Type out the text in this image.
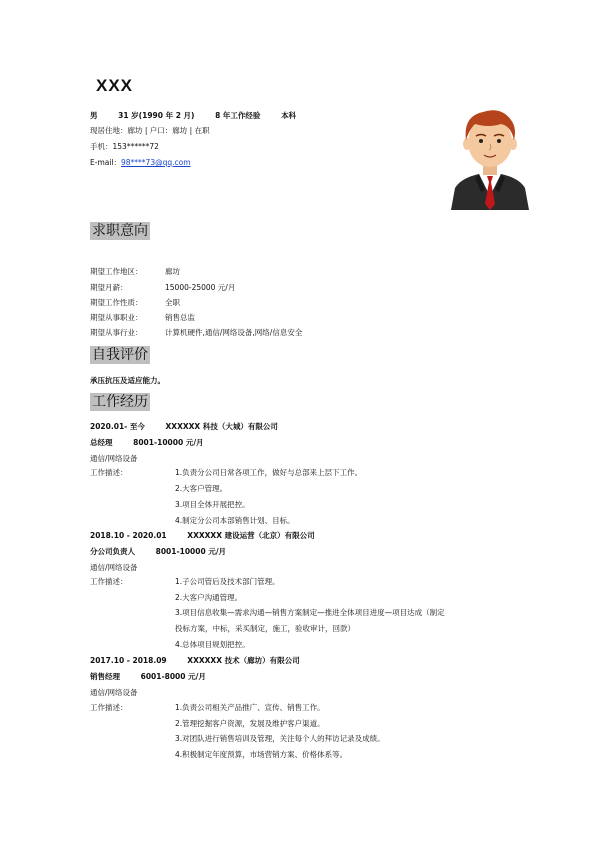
XXX
男	31 岁(1990 年 2 月)	8 年工作经验	本科
现居住地：廊坊 | 户口：廊坊 | 在职
手机：153******72
E-mail：98****73@qq.com
求职意向
期望工作地区：	廊坊
期望月薪：	15000-25000 元/月
期望工作性质：	全职
期望从事职业：	销售总监
期望从事行业：	计算机硬件,通信/网络设备,网络/信息安全
自我评价
承压抗压及适应能力。
工作经历
2020.01- 至今	XXXXXX 科技（大城）有限公司
总经理	8001-10000 元/月
通信/网络设备
工作描述：	1.负责分公司日常各项工作，做好与总部来上层下工作。
2.大客户管理。
3.项目全体开展把控。
4.制定分公司本部销售计划、目标。
2018.10 - 2020.01	XXXXXX 建设运营（北京）有限公司
分公司负责人	8001-10000 元/月
通信/网络设备
工作描述：	1.子公司管后及技术部门管理。
2.大客户沟通管理。
3.项目信息收集—需求沟通—销售方案制定—推进全体项目进度—项目达成（制定
投标方案，中标，采买制定，施工，验收审计，回款）
4.总体项目规划把控。
2017.10 - 2018.09	XXXXXX 技术（廊坊）有限公司
销售经理	6001-8000 元/月
通信/网络设备
工作描述：	1.负责公司相关产品推广、宣传、销售工作。
2.管理挖掘客户资源，发展及维护客户渠道。
3.对团队进行销售培训及管理，关注每个人的拜访记录及成绩。
4.积极制定年度预算，市场营销方案、价格体系等。
